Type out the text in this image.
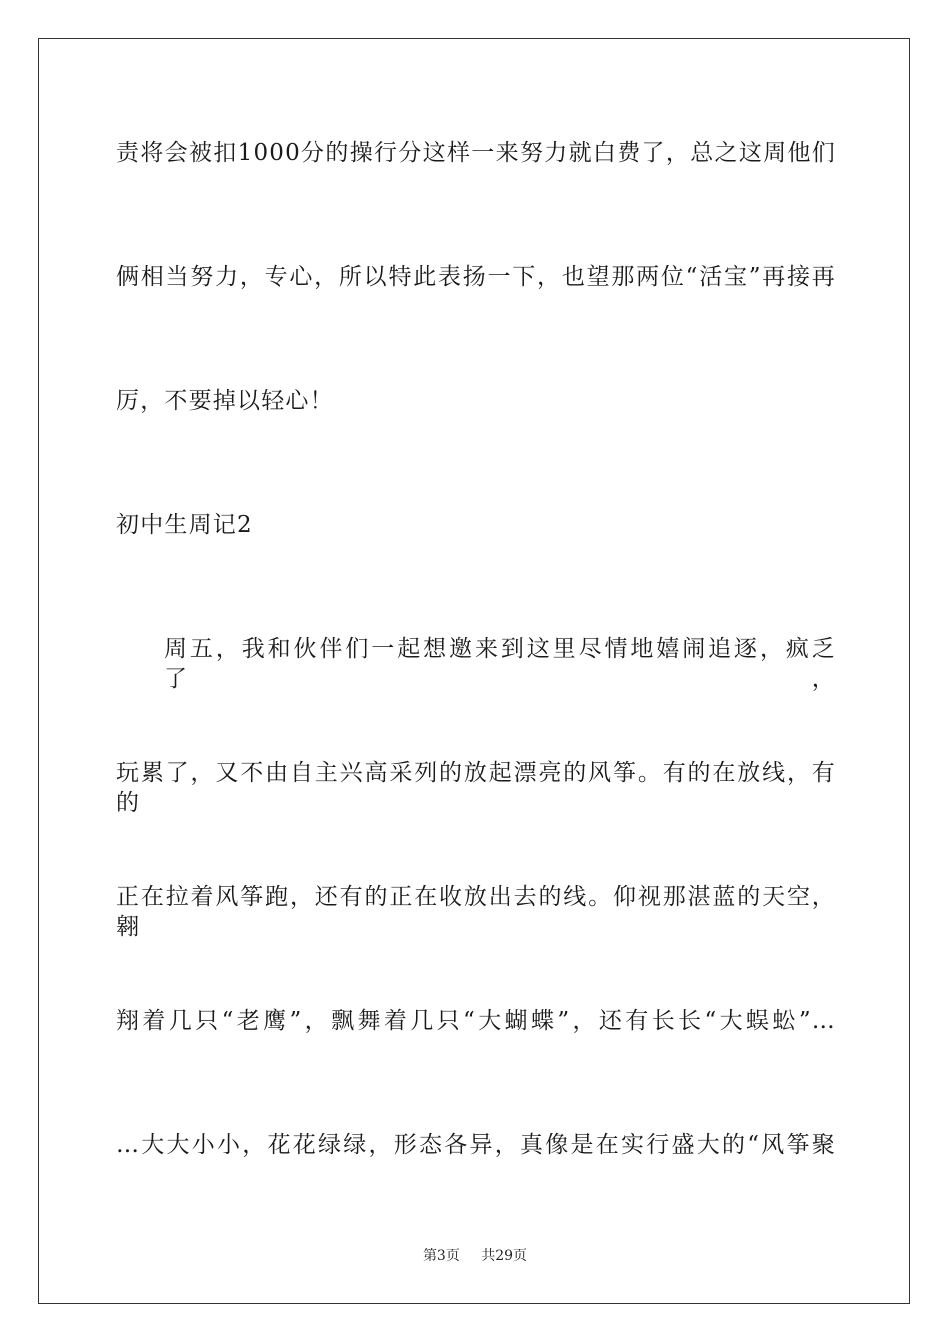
责将会被扣1000分的操行分这样一来努力就白费了，总之这周他们
俩相当努力，专心，所以特此表扬一下，也望那两位“活宝”再接再
厉，不要掉以轻心！
初中生周记2
周五，我和伙伴们一起想邀来到这里尽情地嬉闹追逐，疯乏了，
玩累了，又不由自主兴高采列的放起漂亮的风筝。有的在放线，有的
正在拉着风筝跑，还有的正在收放出去的线。仰视那湛蓝的天空，翱
翔着几只“老鹰”，飘舞着几只“大蝴蝶”，还有长长“大蜈蚣”…
…大大小小，花花绿绿，形态各异，真像是在实行盛大的“风筝聚
第3页 共29页
